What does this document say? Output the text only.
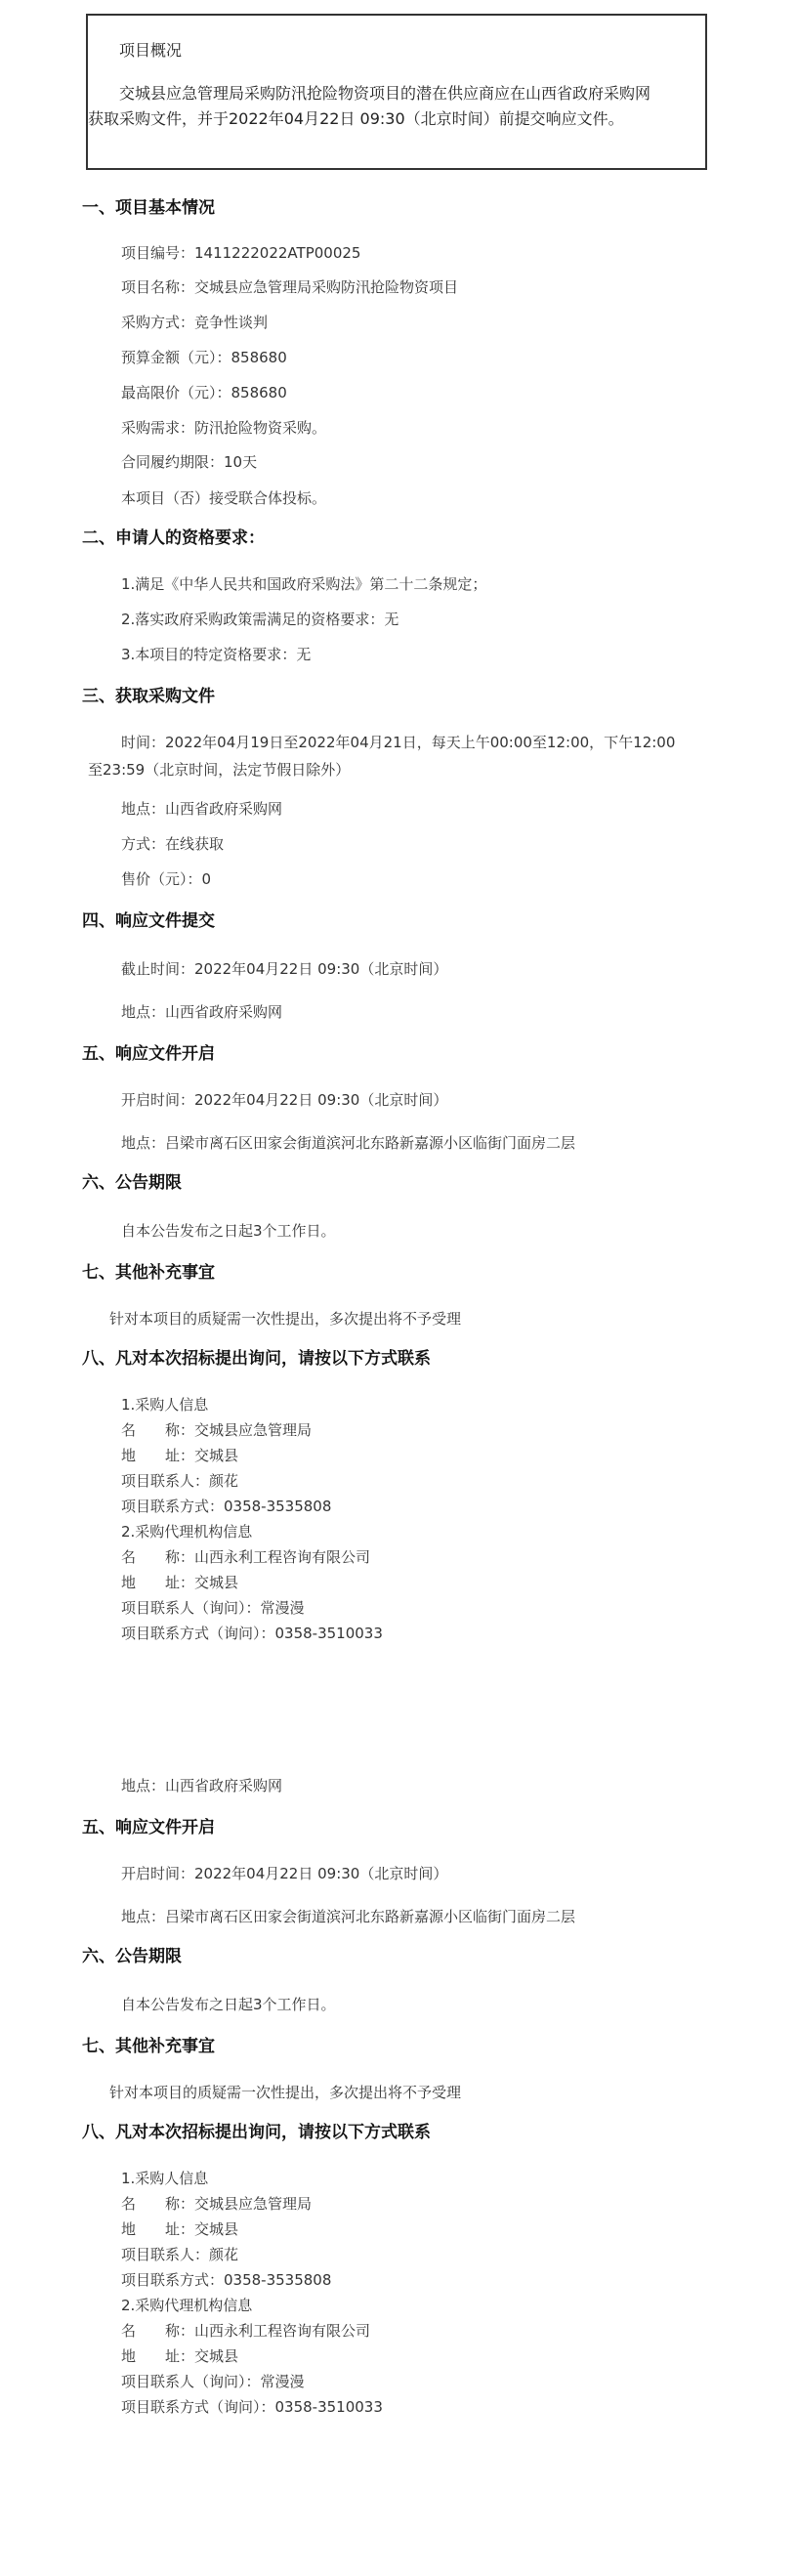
项目概况
交城县应急管理局采购防汛抢险物资项目的潜在供应商应在山西省政府采购网
获取采购文件，并于2022年04月22日 09:30（北京时间）前提交响应文件。
一、项目基本情况
项目编号：1411222022ATP00025
项目名称：交城县应急管理局采购防汛抢险物资项目
采购方式：竞争性谈判
预算金额（元）：858680
最高限价（元）：858680
采购需求：防汛抢险物资采购。
合同履约期限：10天
本项目（否）接受联合体投标。
二、申请人的资格要求：
1.满足《中华人民共和国政府采购法》第二十二条规定；
2.落实政府采购政策需满足的资格要求：无
3.本项目的特定资格要求：无
三、获取采购文件
时间：2022年04月19日至2022年04月21日，每天上午00:00至12:00，下午12:00
至23:59（北京时间，法定节假日除外）
地点：山西省政府采购网
方式：在线获取
售价（元）：0
四、响应文件提交
截止时间：2022年04月22日 09:30（北京时间）
地点：山西省政府采购网
五、响应文件开启
开启时间：2022年04月22日 09:30（北京时间）
地点：吕梁市离石区田家会街道滨河北东路新嘉源小区临街门面房二层
六、公告期限
自本公告发布之日起3个工作日。
七、其他补充事宜
针对本项目的质疑需一次性提出，多次提出将不予受理
八、凡对本次招标提出询问，请按以下方式联系
1.采购人信息
名　　称：交城县应急管理局
地　　址：交城县
项目联系人：颜花
项目联系方式：0358-3535808
2.采购代理机构信息
名　　称：山西永利工程咨询有限公司
地　　址：交城县
项目联系人（询问）：常漫漫
项目联系方式（询问）：0358-3510033
地点：山西省政府采购网
五、响应文件开启
开启时间：2022年04月22日 09:30（北京时间）
地点：吕梁市离石区田家会街道滨河北东路新嘉源小区临街门面房二层
六、公告期限
自本公告发布之日起3个工作日。
七、其他补充事宜
针对本项目的质疑需一次性提出，多次提出将不予受理
八、凡对本次招标提出询问，请按以下方式联系
1.采购人信息
名　　称：交城县应急管理局
地　　址：交城县
项目联系人：颜花
项目联系方式：0358-3535808
2.采购代理机构信息
名　　称：山西永利工程咨询有限公司
地　　址：交城县
项目联系人（询问）：常漫漫
项目联系方式（询问）：0358-3510033
